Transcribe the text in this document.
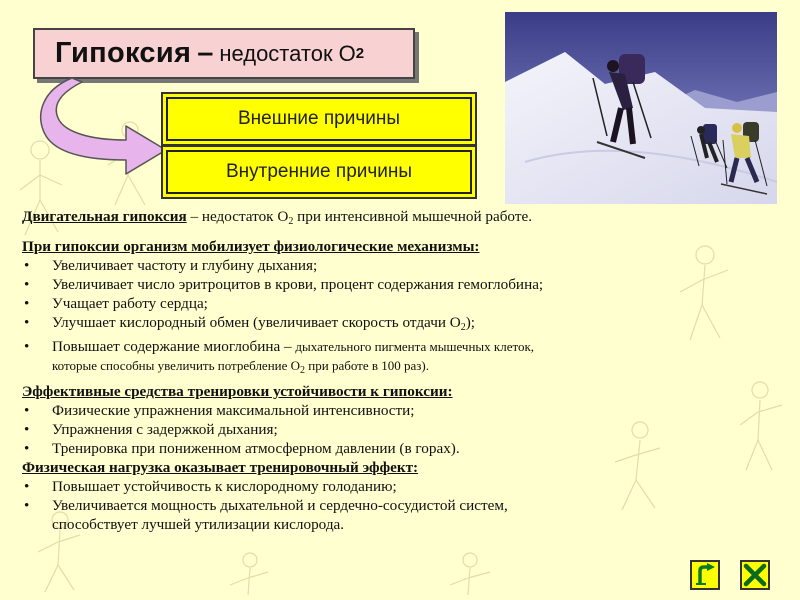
Гипоксия – недостаток O 2
Внешние причины
Внутренние причины

Двигательная гипоксия – недостаток $O_2$ при интенсивной мышечной работе.

При гипоксии организм мобилизует физиологические механизмы:

• Увеличивает частоту и глубину дыхания;
• Увеличивает число эритроцитов в крови, процент содержания гемоглобина;
• Учащает работу сердца;
• Улучшает кислородный обмен (увеличивает скорость отдачи $O_2$);
• Повышает содержание миоглобина – дыхательного пигмента мышечных клеток,
которые способны увеличить потребление $O_2$ при работе в 100 раз).

Эффективные средства тренировки устойчивости к гипоксии:

• Физические упражнения максимальной интенсивности;
• Упражнения с задержкой дыхания;
• Тренировка при пониженном атмосферном давлении (в горах).

Физическая нагрузка оказывает тренировочный эффект:

• Повышает устойчивость к кислородному голоданию;
• Увеличивается мощность дыхательной и сердечно-сосудистой систем,
способствует лучшей утилизации кислорода.
